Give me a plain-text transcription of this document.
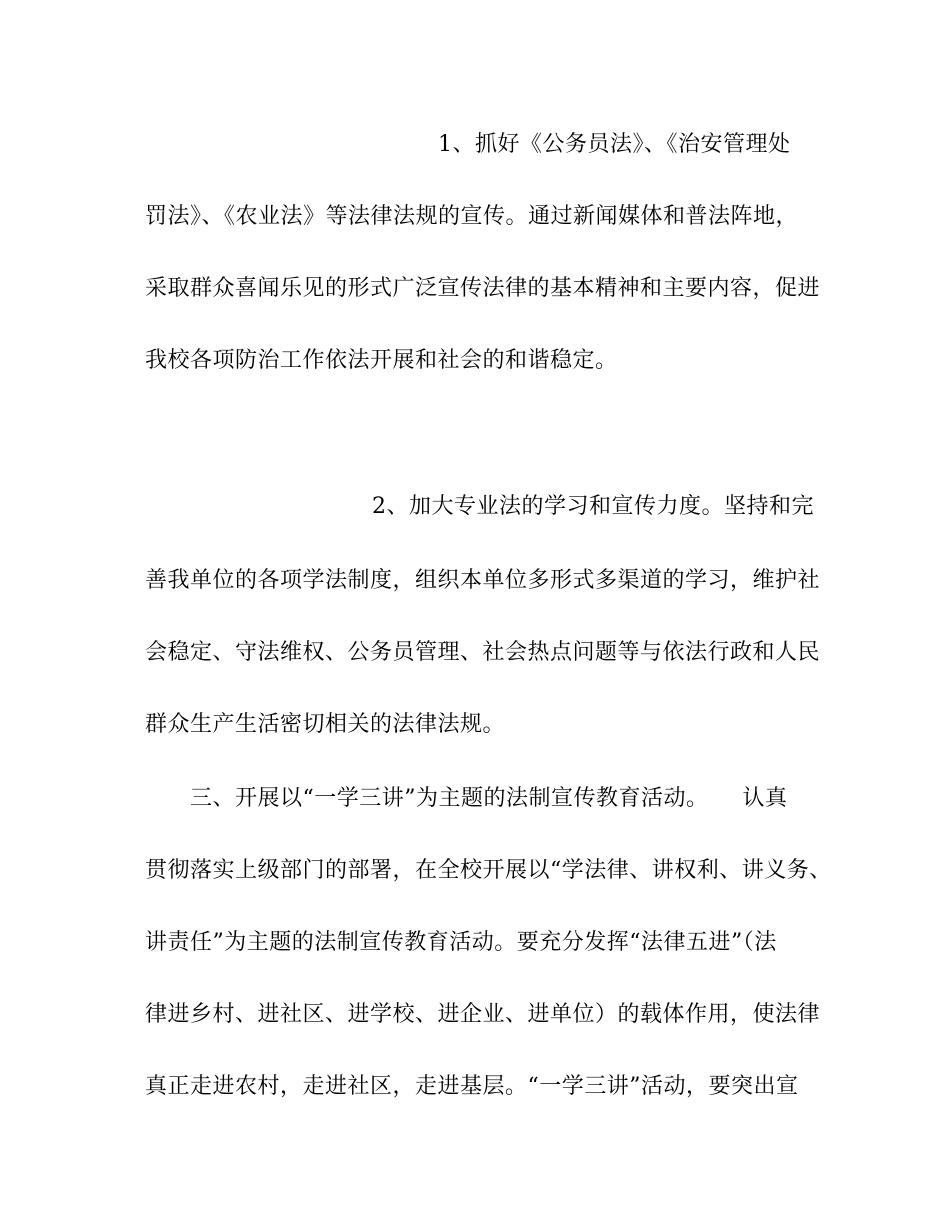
1、抓好《公务员法》、《治安管理处
罚法》、《农业法》等法律法规的宣传。通过新闻媒体和普法阵地，
采取群众喜闻乐见的形式广泛宣传法律的基本精神和主要内容，促进
我校各项防治工作依法开展和社会的和谐稳定。
2、加大专业法的学习和宣传力度。坚持和完
善我单位的各项学法制度，组织本单位多形式多渠道的学习，维护社
会稳定、守法维权、公务员管理、社会热点问题等与依法行政和人民
群众生产生活密切相关的法律法规。
三、开展以“一学三讲”为主题的法制宣传教育活动。　　认真
贯彻落实上级部门的部署，在全校开展以“学法律、讲权利、讲义务、
讲责任”为主题的法制宣传教育活动。要充分发挥“法律五进”（法
律进乡村、进社区、进学校、进企业、进单位）的载体作用，使法律
真正走进农村，走进社区，走进基层。“一学三讲”活动，要突出宣
